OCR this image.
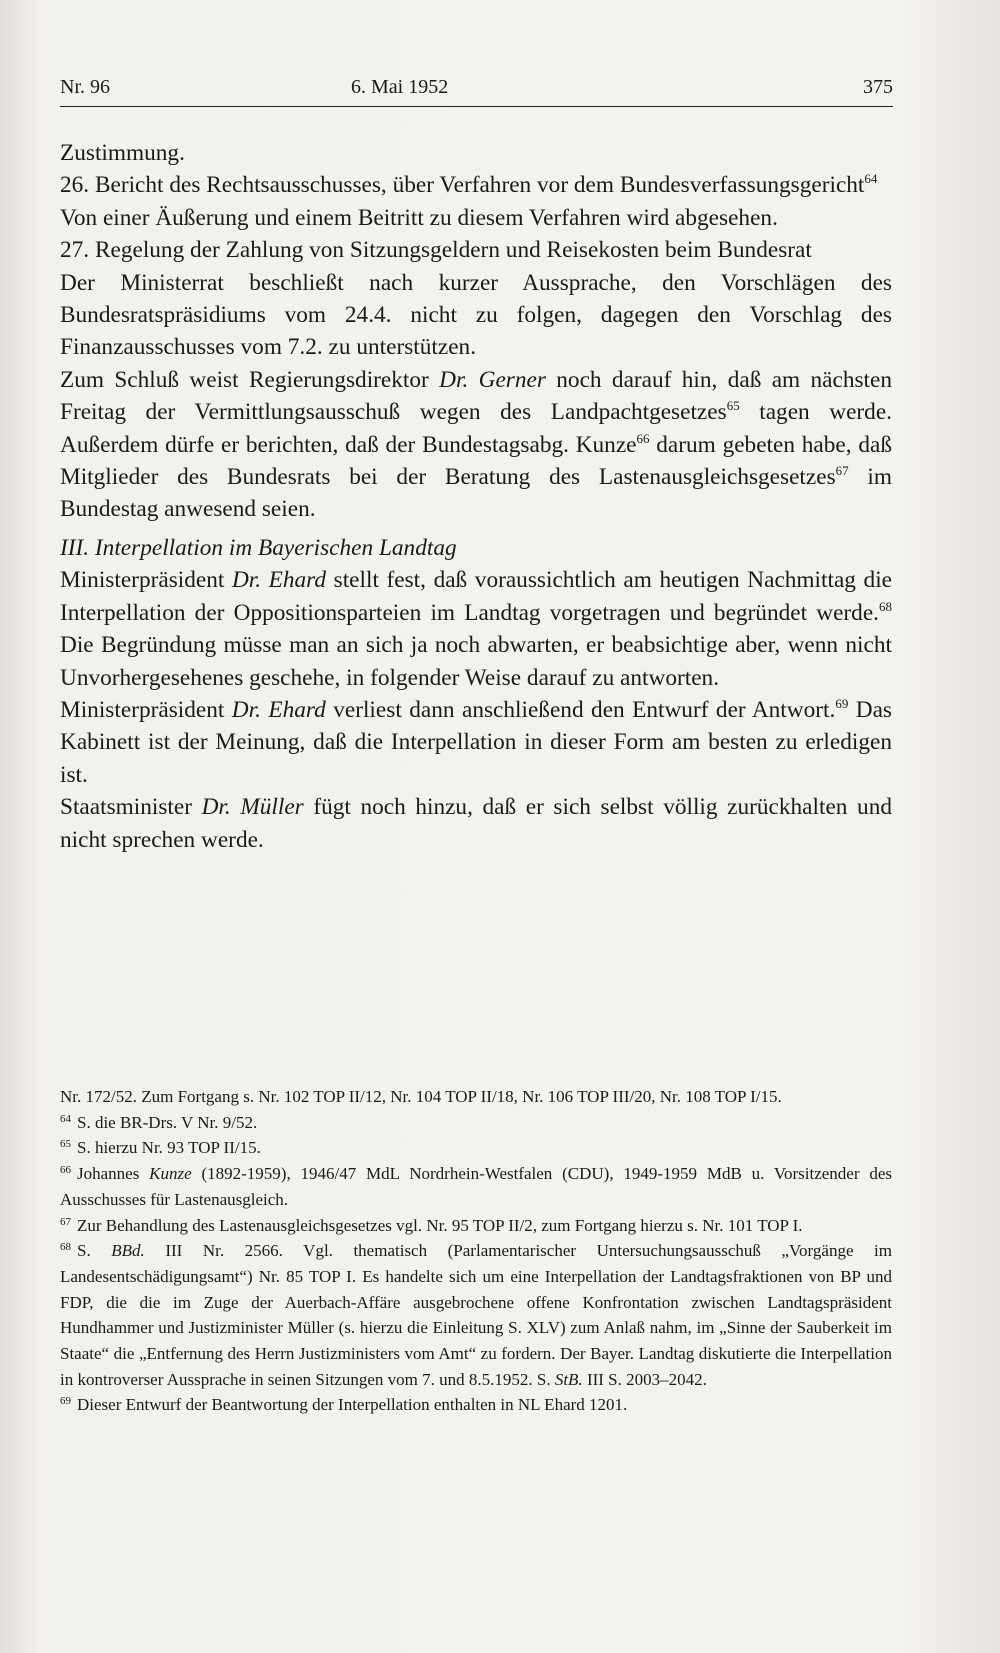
Nr. 96	6. Mai 1952	375

Zustimmung.

26. Bericht des Rechtsausschusses, über Verfahren vor dem Bundesverfassungsgericht$^{64}$

Von einer Äußerung und einem Beitritt zu diesem Verfahren wird abgesehen.

27. Regelung der Zahlung von Sitzungsgeldern und Reisekosten beim Bundesrat

Der Ministerrat beschließt nach kurzer Aussprache, den Vorschlägen des Bundesratspräsidiums vom 24.4. nicht zu folgen, dagegen den Vorschlag des Finanzausschusses vom 7.2. zu unterstützen.

Zum Schluß weist Regierungsdirektor Dr. Gerner noch darauf hin, daß am nächsten Freitag der Vermittlungsausschuß wegen des Landpachtgesetzes$^{65}$ tagen werde. Außerdem dürfe er berichten, daß der Bundestagsabg. Kunze$^{66}$ darum gebeten habe, daß Mitglieder des Bundesrats bei der Beratung des Lastenausgleichsgesetzes$^{67}$ im Bundestag anwesend seien.

III. Interpellation im Bayerischen Landtag

Ministerpräsident Dr. Ehard stellt fest, daß voraussichtlich am heutigen Nachmittag die Interpellation der Oppositionsparteien im Landtag vorgetragen und begründet werde.$^{68}$ Die Begründung müsse man an sich ja noch abwarten, er beabsichtige aber, wenn nicht Unvorhergesehenes geschehe, in folgender Weise darauf zu antworten.

Ministerpräsident Dr. Ehard verliest dann anschließend den Entwurf der Antwort.$^{69}$ Das Kabinett ist der Meinung, daß die Interpellation in dieser Form am besten zu erledigen ist.

Staatsminister Dr. Müller fügt noch hinzu, daß er sich selbst völlig zurückhalten und nicht sprechen werde.

Nr. 172/52. Zum Fortgang s. Nr. 102 TOP II/12, Nr. 104 TOP II/18, Nr. 106 TOP III/20, Nr. 108 TOP I/15.

$^{64}$ S. die BR-Drs. V Nr. 9/52.

$^{65}$ S. hierzu Nr. 93 TOP II/15.

$^{66}$ Johannes Kunze (1892-1959), 1946/47 MdL Nordrhein-Westfalen (CDU), 1949-1959 MdB u. Vorsitzender des Ausschusses für Lastenausgleich.

$^{67}$ Zur Behandlung des Lastenausgleichsgesetzes vgl. Nr. 95 TOP II/2, zum Fortgang hierzu s. Nr. 101 TOP I.

$^{68}$ S. BBd. III Nr. 2566. Vgl. thematisch (Parlamentarischer Untersuchungsausschuß „Vorgänge im Landesentschädigungsamt“) Nr. 85 TOP I. Es handelte sich um eine Interpellation der Landtagsfraktionen von BP und FDP, die die im Zuge der Auerbach-Affäre ausgebrochene offene Konfrontation zwischen Landtagspräsident Hundhammer und Justizminister Müller (s. hierzu die Einleitung S. XLV) zum Anlaß nahm, im „Sinne der Sauberkeit im Staate“ die „Entfernung des Herrn Justizministers vom Amt“ zu fordern. Der Bayer. Landtag diskutierte die Interpellation in kontroverser Aussprache in seinen Sitzungen vom 7. und 8.5.1952. S. StB. III S. 2003–2042.

$^{69}$ Dieser Entwurf der Beantwortung der Interpellation enthalten in NL Ehard 1201.
